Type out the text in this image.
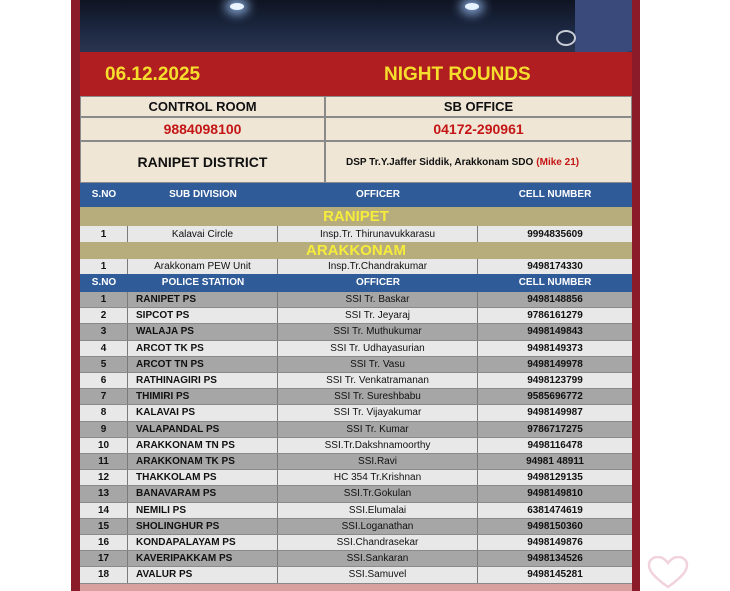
06.12.2025	NIGHT ROUNDS
CONTROL ROOM	SB OFFICE
9884098100	04172-290961
RANIPET DISTRICT	DSP Tr.Y.Jaffer Siddik, Arakkonam SDO (Mike 21)
S.NO	SUB DIVISION	OFFICER	CELL NUMBER
RANIPET
1	Kalavai Circle	Insp.Tr. Thirunavukkarasu	9994835609
ARAKKONAM
1	Arakkonam PEW Unit	Insp.Tr.Chandrakumar	9498174330
S.NO	POLICE STATION	OFFICER	CELL NUMBER
1	RANIPET PS	SSI Tr. Baskar	9498148856
2	SIPCOT PS	SSI Tr. Jeyaraj	9786161279
3	WALAJA PS	SSI Tr. Muthukumar	9498149843
4	ARCOT TK PS	SSI Tr. Udhayasurian	9498149373
5	ARCOT TN PS	SSI Tr. Vasu	9498149978
6	RATHINAGIRI PS	SSI Tr. Venkatramanan	9498123799
7	THIMIRI PS	SSI Tr. Sureshbabu	9585696772
8	KALAVAI PS	SSI Tr. Vijayakumar	9498149987
9	VALAPANDAL PS	SSI Tr. Kumar	9786717275
10	ARAKKONAM TN PS	SSI.Tr.Dakshnamoorthy	9498116478
11	ARAKKONAM TK PS	SSI.Ravi	94981 48911
12	THAKKOLAM PS	HC 354 Tr.Krishnan	9498129135
13	BANAVARAM PS	SSI.Tr.Gokulan	9498149810
14	NEMILI PS	SSI.Elumalai	6381474619
15	SHOLINGHUR PS	SSI.Loganathan	9498150360
16	KONDAPALAYAM PS	SSI.Chandrasekar	9498149876
17	KAVERIPAKKAM PS	SSI.Sankaran	9498134526
18	AVALUR PS	SSI.Samuvel	9498145281
